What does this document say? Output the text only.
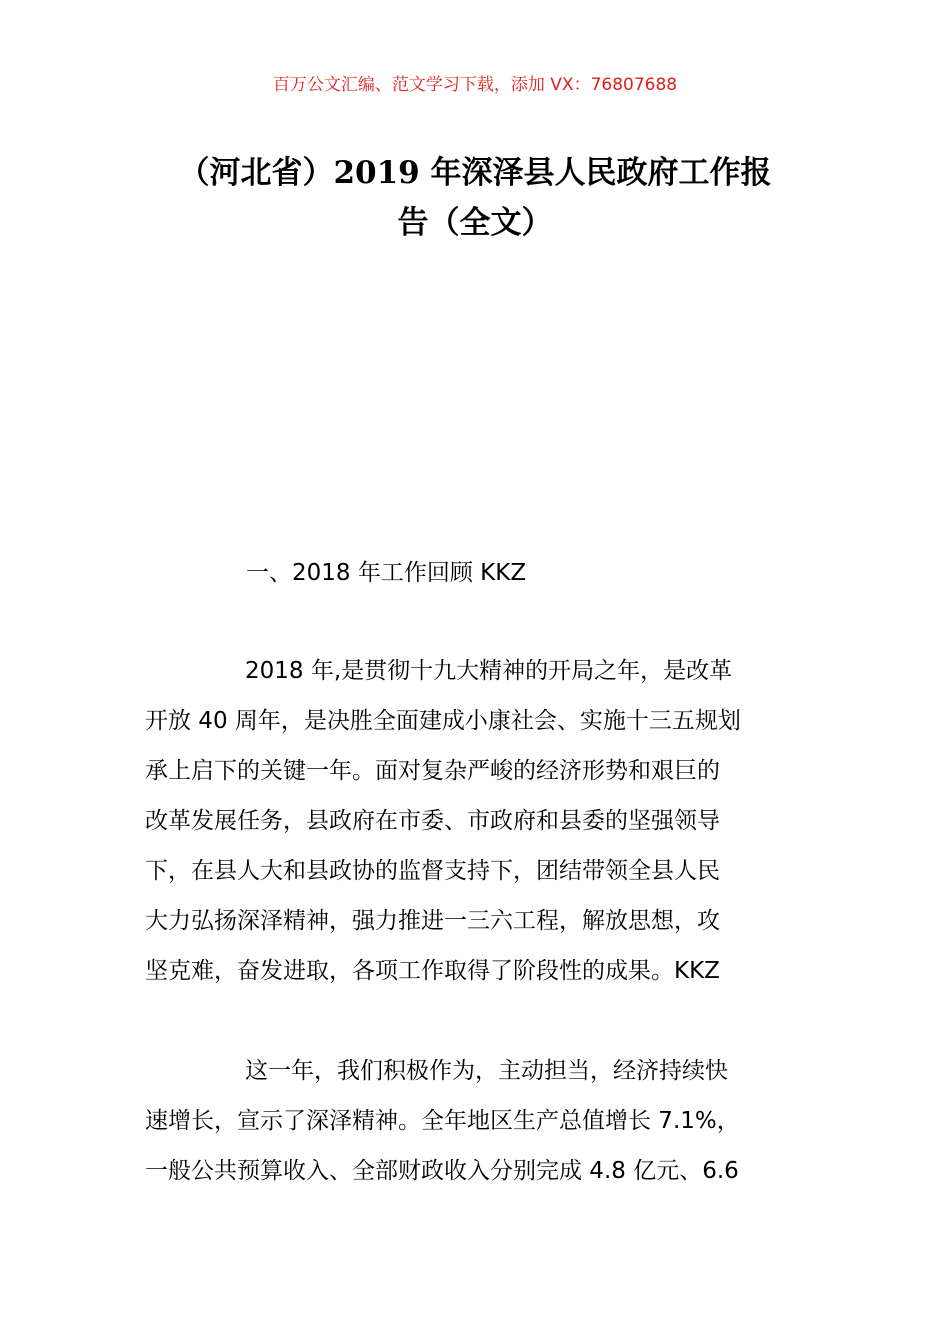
百万公文汇编、范文学习下载，添加 VX：76807688
（河北省）2019 年深泽县人民政府工作报
告（全文）
一、2018 年工作回顾 KKZ

2018 年,是贯彻十九大精神的开局之年，是改革
开放 40 周年，是决胜全面建成小康社会、实施十三五规划
承上启下的关键一年。面对复杂严峻的经济形势和艰巨的
改革发展任务，县政府在市委、市政府和县委的坚强领导
下，在县人大和县政协的监督支持下，团结带领全县人民
大力弘扬深泽精神，强力推进一三六工程，解放思想，攻
坚克难，奋发进取，各项工作取得了阶段性的成果。KKZ

这一年，我们积极作为，主动担当，经济持续快
速增长，宣示了深泽精神。全年地区生产总值增长 7.1%，
一般公共预算收入、全部财政收入分别完成 4.8 亿元、6.6
